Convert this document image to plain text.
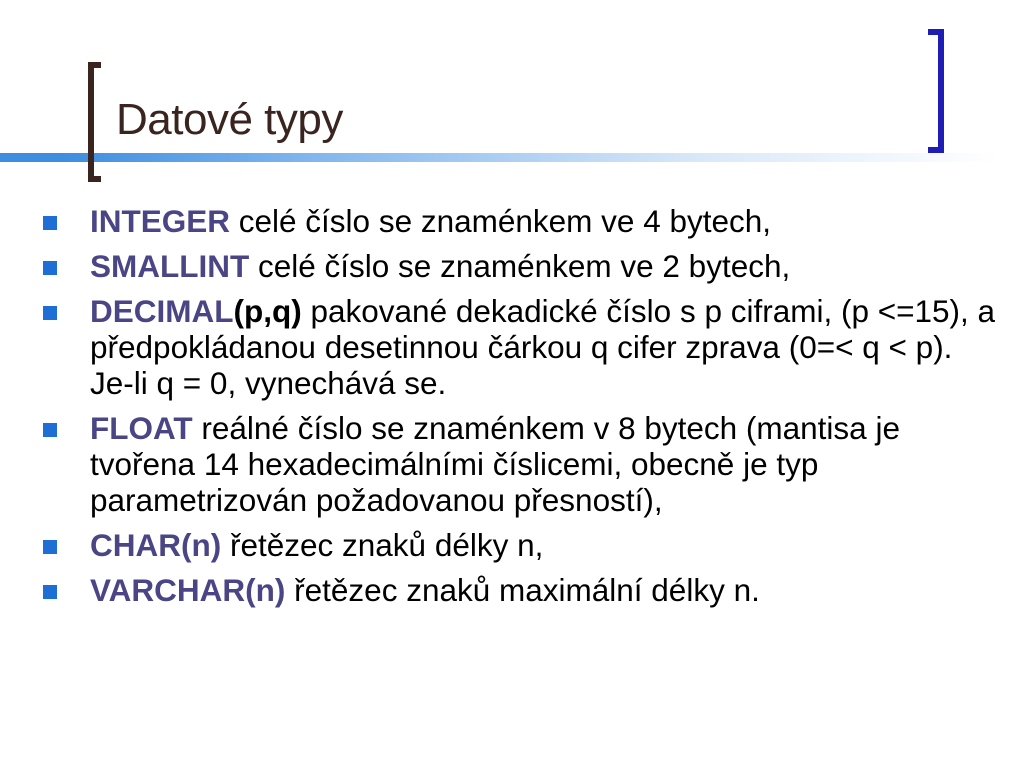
Datové typy
INTEGER celé číslo se znaménkem ve 4 bytech,
SMALLINT celé číslo se znaménkem ve 2 bytech,
DECIMAL(p,q) pakované dekadické číslo s p ciframi, (p <=15), a předpokládanou desetinnou čárkou q cifer zprava (0=< q < p). Je-li q = 0, vynechává se.
FLOAT reálné číslo se znaménkem v 8 bytech (mantisa je tvořena 14 hexadecimálními číslicemi, obecně je typ parametrizován požadovanou přesností),
CHAR(n) řetězec znaků délky n,
VARCHAR(n) řetězec znaků maximální délky n.
